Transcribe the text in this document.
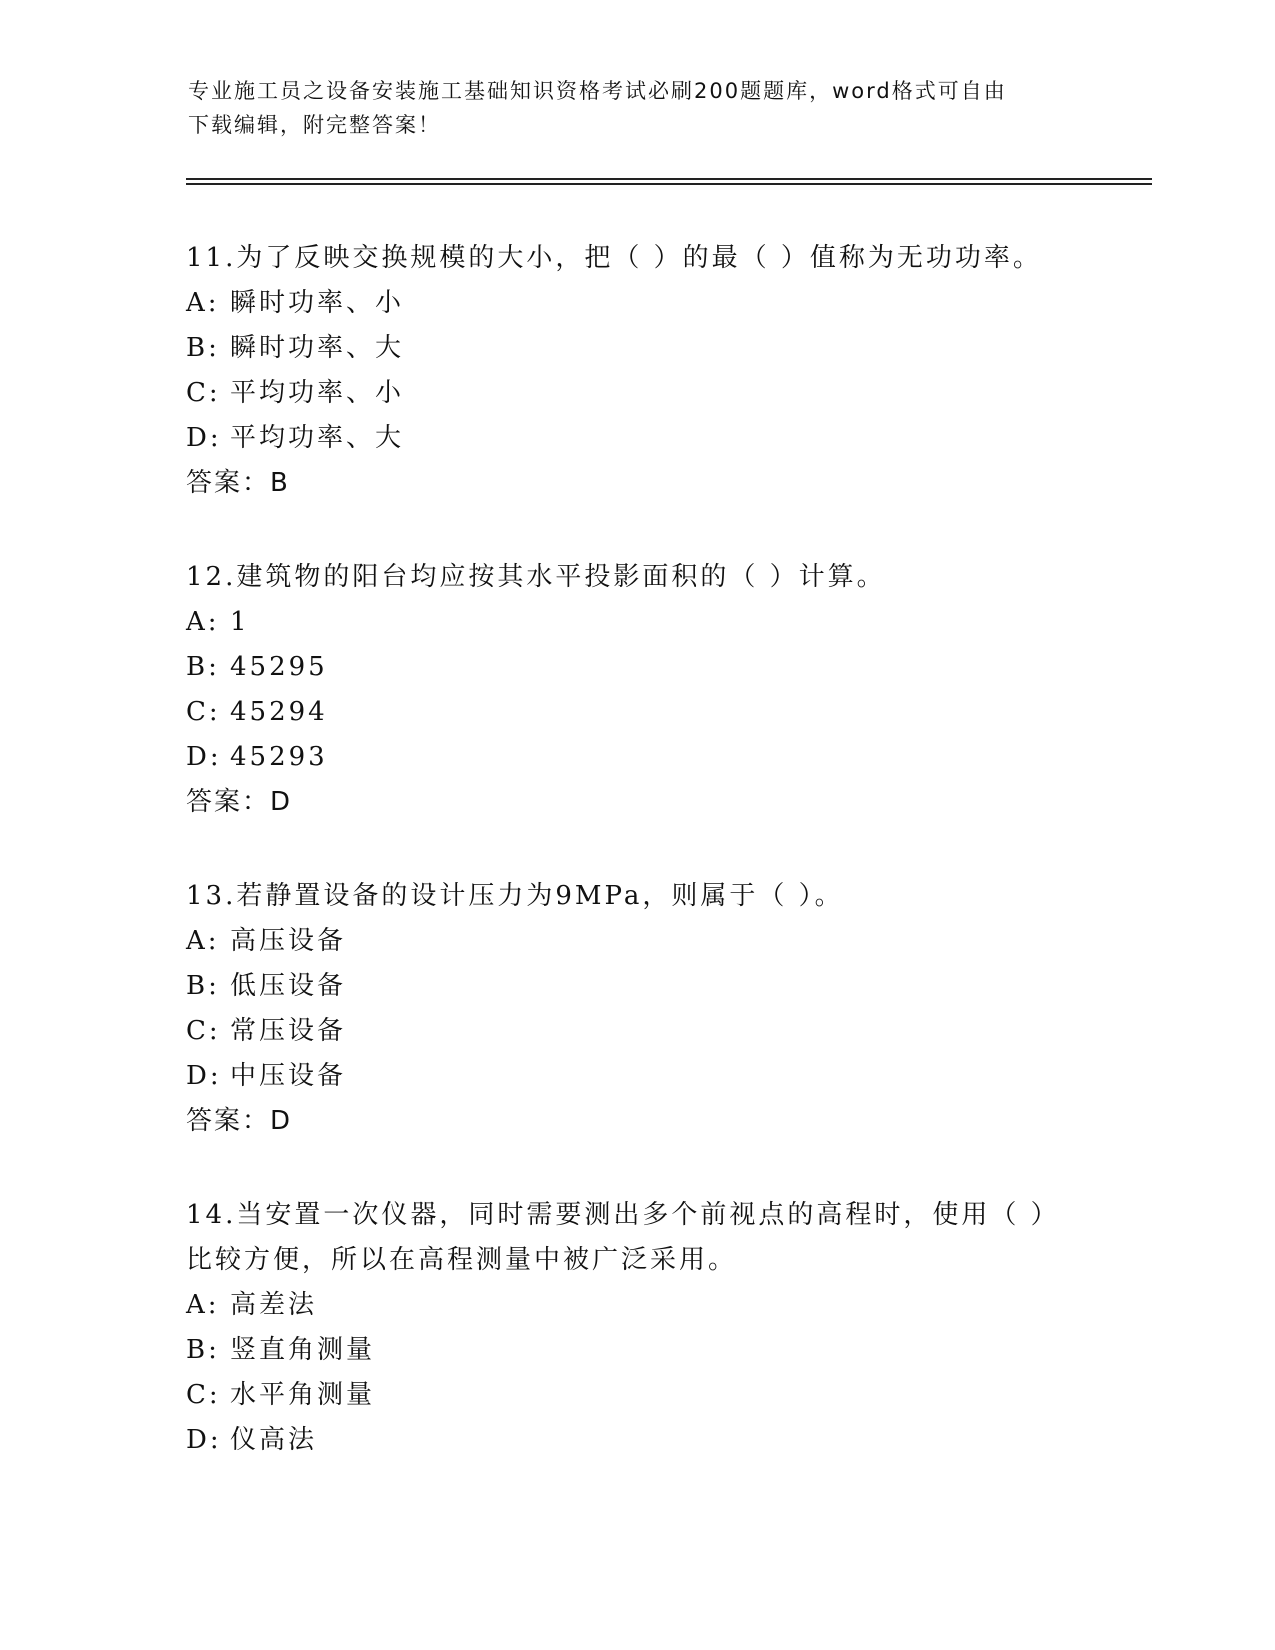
专业施工员之设备安装施工基础知识资格考试必刷200题题库，word格式可自由
下载编辑，附完整答案！

11.为了反映交换规模的大小，把（ ）的最（ ）值称为无功功率。

A: 瞬时功率、小

B: 瞬时功率、大

C: 平均功率、小

D: 平均功率、大

答案：B

12.建筑物的阳台均应按其水平投影面积的（ ）计算。

A: 1

B: 45295

C: 45294

D: 45293

答案：D

13.若静置设备的设计压力为9MPa，则属于（ ）。

A: 高压设备

B: 低压设备

C: 常压设备

D: 中压设备

答案：D

14.当安置一次仪器，同时需要测出多个前视点的高程时，使用（ ）
比较方便，所以在高程测量中被广泛采用。

A: 高差法

B: 竖直角测量

C: 水平角测量

D: 仪高法
